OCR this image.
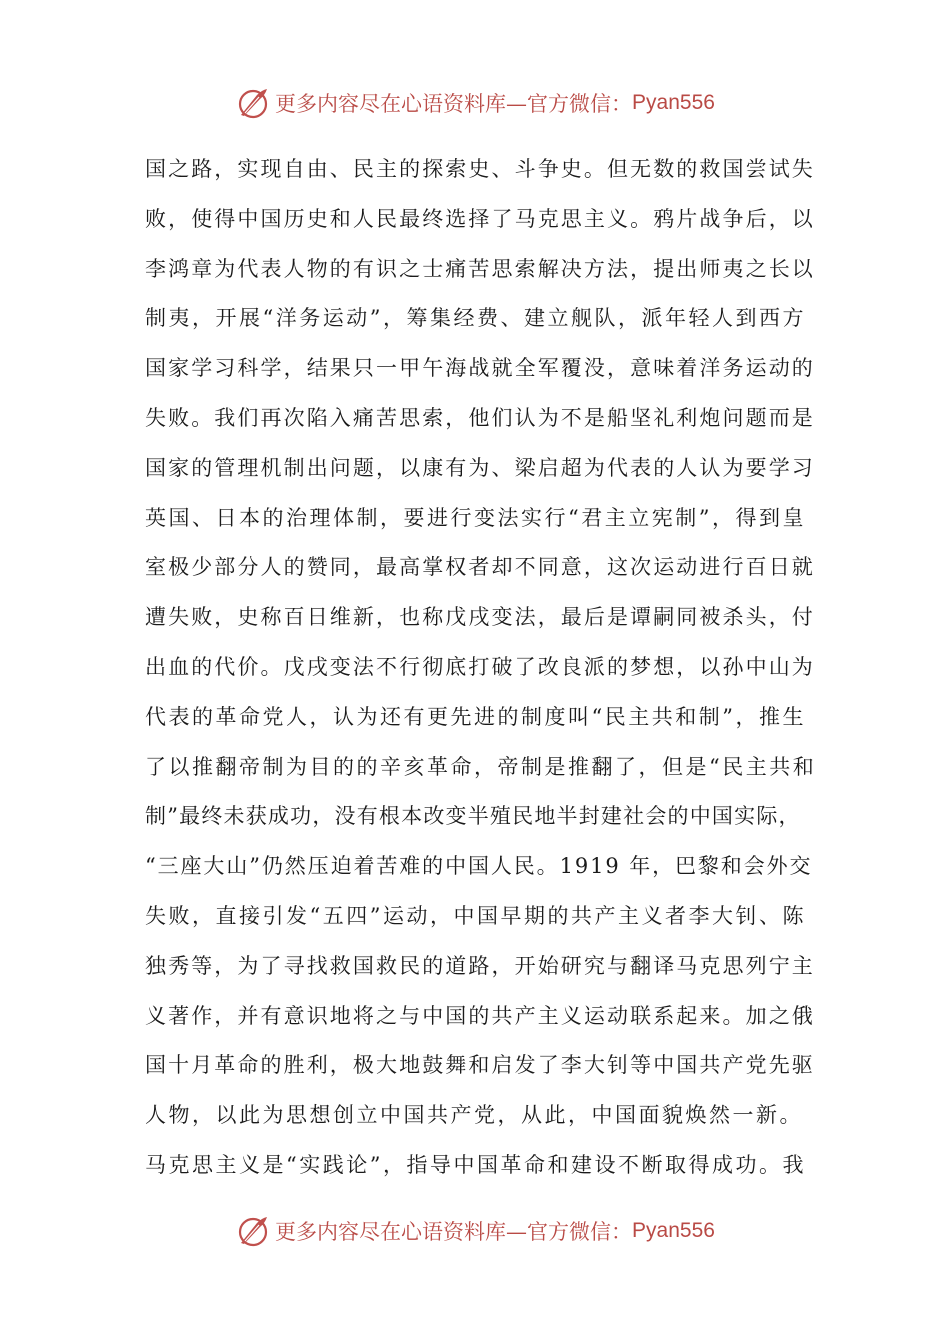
更多内容尽在心语资料库—官方微信： Pyan556
国之路，实现自由、民主的探索史、斗争史。但无数的救国尝试失
败，使得中国历史和人民最终选择了马克思主义。鸦片战争后，以
李鸿章为代表人物的有识之士痛苦思索解决方法，提出师夷之长以
制夷，开展“洋务运动”，筹集经费、建立舰队，派年轻人到西方
国家学习科学，结果只一甲午海战就全军覆没，意味着洋务运动的
失败。我们再次陷入痛苦思索，他们认为不是船坚礼利炮问题而是
国家的管理机制出问题，以康有为、梁启超为代表的人认为要学习
英国、日本的治理体制，要进行变法实行“君主立宪制”，得到皇
室极少部分人的赞同，最高掌权者却不同意，这次运动进行百日就
遭失败，史称百日维新，也称戊戌变法，最后是谭嗣同被杀头，付
出血的代价。戊戌变法不行彻底打破了改良派的梦想，以孙中山为
代表的革命党人，认为还有更先进的制度叫“民主共和制”，推生
了以推翻帝制为目的的辛亥革命，帝制是推翻了，但是“民主共和
制”最终未获成功，没有根本改变半殖民地半封建社会的中国实际，
“三座大山”仍然压迫着苦难的中国人民。1919 年，巴黎和会外交
失败，直接引发“五四”运动，中国早期的共产主义者李大钊、陈
独秀等，为了寻找救国救民的道路，开始研究与翻译马克思列宁主
义著作，并有意识地将之与中国的共产主义运动联系起来。加之俄
国十月革命的胜利，极大地鼓舞和启发了李大钊等中国共产党先驱
人物，以此为思想创立中国共产党，从此，中国面貌焕然一新。
马克思主义是“实践论”，指导中国革命和建设不断取得成功。我
更多内容尽在心语资料库—官方微信： Pyan556
